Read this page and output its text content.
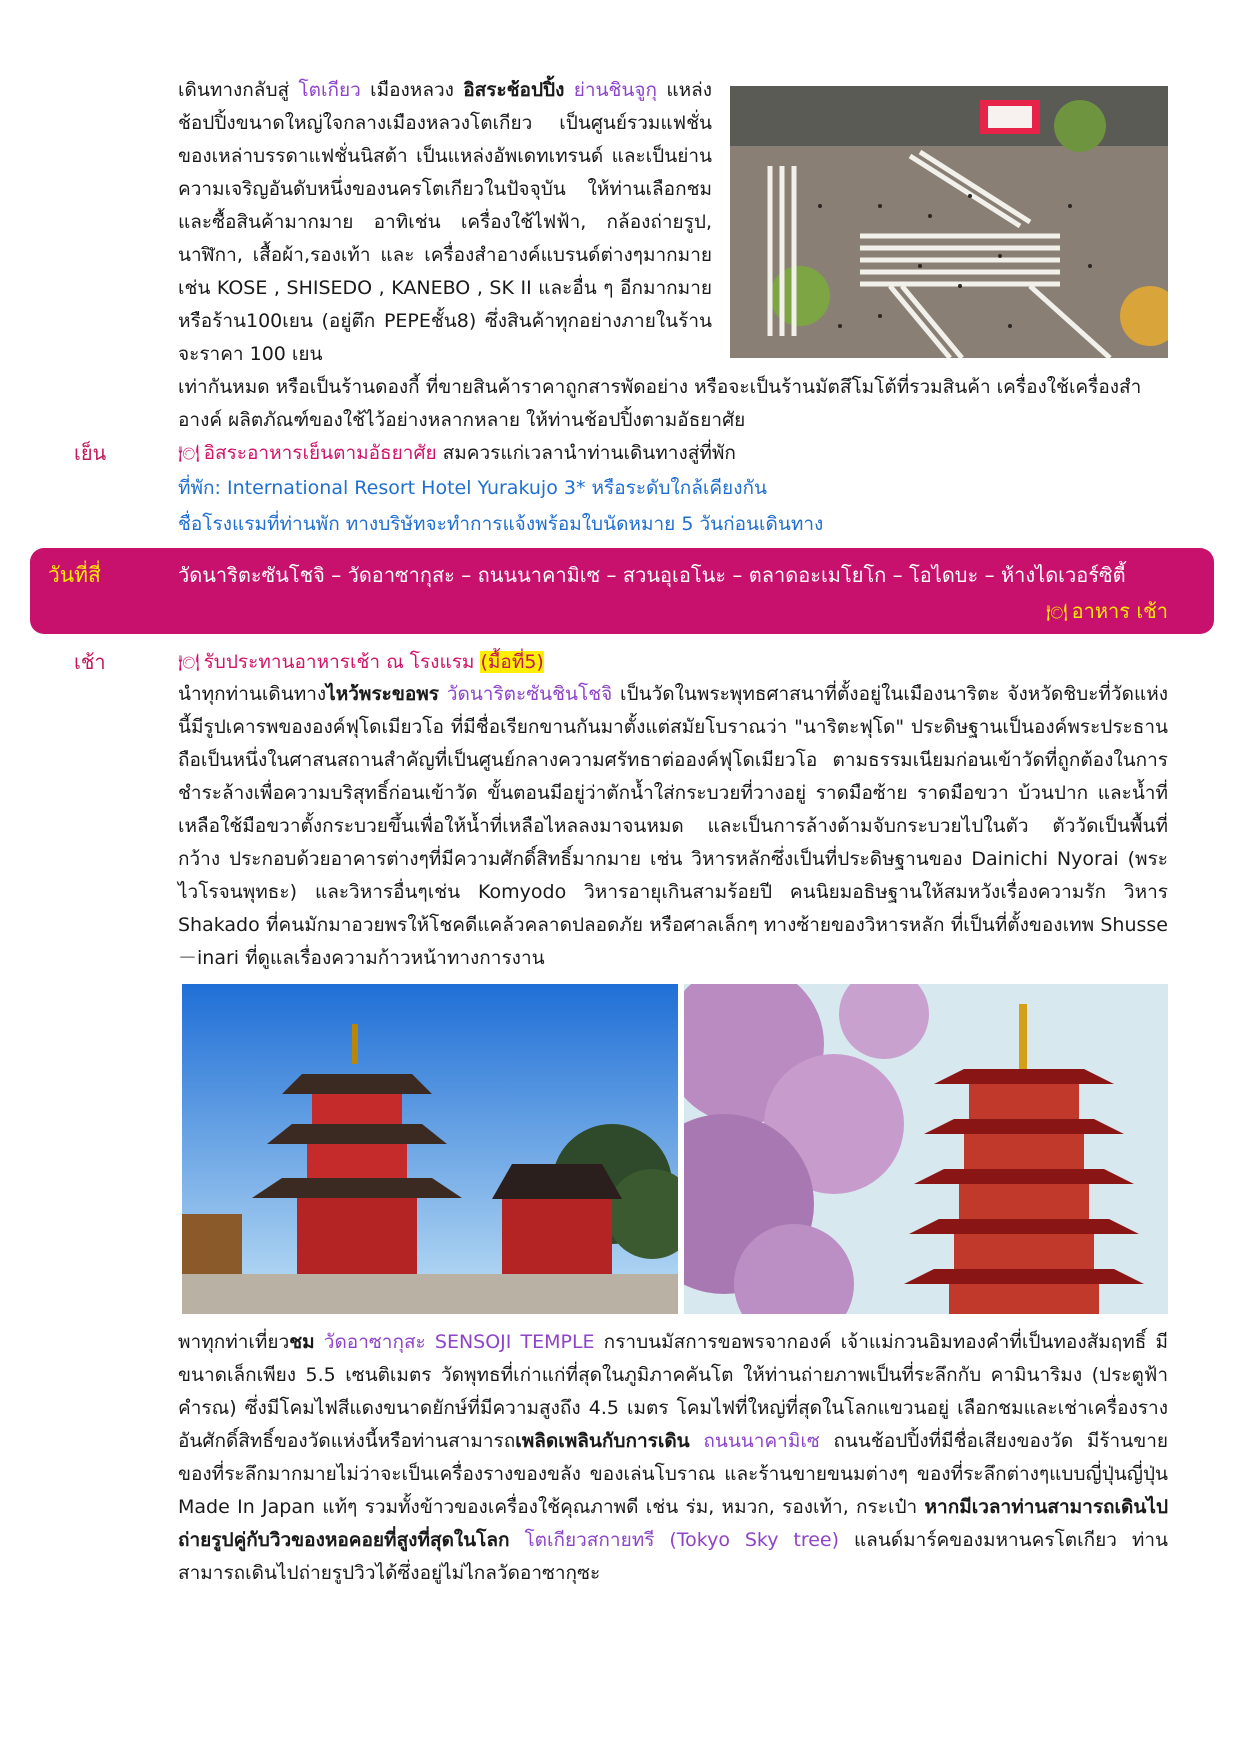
เดินทางกลับสู่ โตเกียว เมืองหลวง อิสระช้อปปิ้ง ย่านชินจูกุ แหล่งช้อปปิ้งขนาดใหญ่ใจกลางเมืองหลวงโตเกียว เป็นศูนย์รวมแฟชั่น ของเหล่าบรรดาแฟชั่นนิสต้า เป็นแหล่งอัพเดทเทรนด์ และเป็นย่านความเจริญอันดับหนึ่งของนครโตเกียวในปัจจุบัน ให้ท่านเลือกชมและซื้อสินค้ามากมาย อาทิเช่น เครื่องใช้ไฟฟ้า, กล้องถ่ายรูป, นาฬิกา, เสื้อผ้า,รองเท้า และ เครื่องสำอางค์แบรนด์ต่างๆมากมายเช่น KOSE , SHISEDO , KANEBO , SK II และอื่น ๆ อีกมากมาย หรือร้าน100เยน (อยู่ตึก PEPEชั้น8) ซึ่งสินค้าทุกอย่างภายในร้านจะราคา 100 เยน
เท่ากันหมด หรือเป็นร้านดองกี้ ที่ขายสินค้าราคาถูกสารพัดอย่าง หรือจะเป็นร้านมัตสึโมโต้ที่รวมสินค้า เครื่องใช้เครื่องสำอางค์ ผลิตภัณฑ์ของใช้ไว้อย่างหลากหลาย ให้ท่านช้อปปิ้งตามอัธยาศัย
เย็น	🍽 อิสระอาหารเย็นตามอัธยาศัย สมควรแก่เวลานำท่านเดินทางสู่ที่พัก
ที่พัก: International Resort Hotel Yurakujo 3* หรือระดับใกล้เคียงกัน
ชื่อโรงแรมที่ท่านพัก ทางบริษัทจะทำการแจ้งพร้อมใบนัดหมาย 5 วันก่อนเดินทาง
วันที่สี่	วัดนาริตะซันโชจิ – วัดอาซากุสะ – ถนนนาคามิเซ – สวนอุเอโนะ – ตลาดอะเมโยโก – โอไดบะ – ห้างไดเวอร์ซิตี้
🍽 อาหาร เช้า
เช้า	🍽 รับประทานอาหารเช้า ณ โรงแรม (มื้อที่5)
นำทุกท่านเดินทางไหว้พระขอพร วัดนาริตะซันชินโชจิ เป็นวัดในพระพุทธศาสนาที่ตั้งอยู่ในเมืองนาริตะ จังหวัดชิบะที่วัดแห่งนี้มีรูปเคารพขององค์ฟุโดเมียวโอ ที่มีชื่อเรียกขานกันมาตั้งแต่สมัยโบราณว่า "นาริตะฟุโด" ประดิษฐานเป็นองค์พระประธาน ถือเป็นหนึ่งในศาสนสถานสำคัญที่เป็นศูนย์กลางความศรัทธาต่อองค์ฟุโดเมียวโอ ตามธรรมเนียมก่อนเข้าวัดที่ถูกต้องในการชำระล้างเพื่อความบริสุทธิ์ก่อนเข้าวัด ขั้นตอนมีอยู่ว่าตักน้ำใส่กระบวยที่วางอยู่ ราดมือซ้าย ราดมือขวา บ้วนปาก และน้ำที่เหลือใช้มือขวาตั้งกระบวยขึ้นเพื่อให้น้ำที่เหลือไหลลงมาจนหมด และเป็นการล้างด้ามจับกระบวยไปในตัว ตัววัดเป็นพื้นที่กว้าง ประกอบด้วยอาคารต่างๆที่มีความศักดิ์สิทธิ์มากมาย เช่น วิหารหลักซึ่งเป็นที่ประดิษฐานของ Dainichi Nyorai (พระไวโรจนพุทธะ) และวิหารอื่นๆเช่น Komyodo วิหารอายุเกินสามร้อยปี คนนิยมอธิษฐานให้สมหวังเรื่องความรัก วิหาร Shakado ที่คนมักมาอวยพรให้โชคดีแคล้วคลาดปลอดภัย หรือศาลเล็กๆ ทางซ้ายของวิหารหลัก ที่เป็นที่ตั้งของเทพ Shusse－inari ที่ดูแลเรื่องความก้าวหน้าทางการงาน
พาทุกท่าเที่ยวชม วัดอาซากุสะ SENSOJI TEMPLE กราบนมัสการขอพรจากองค์ เจ้าแม่กวนอิมทองคำที่เป็นทองสัมฤทธิ์ มีขนาดเล็กเพียง 5.5 เซนติเมตร วัดพุทธที่เก่าแก่ที่สุดในภูมิภาคคันโต ให้ท่านถ่ายภาพเป็นที่ระลึกกับ คามินาริมง (ประตูฟ้าคำรณ) ซึ่งมีโคมไฟสีแดงขนาดยักษ์ที่มีความสูงถึง 4.5 เมตร โคมไฟที่ใหญ่ที่สุดในโลกแขวนอยู่ เลือกชมและเช่าเครื่องรางอันศักดิ์สิทธิ์ของวัดแห่งนี้หรือท่านสามารถเพลิดเพลินกับการเดิน ถนนนาคามิเซ ถนนช้อปปิ้งที่มีชื่อเสียงของวัด มีร้านขายของที่ระลึกมากมายไม่ว่าจะเป็นเครื่องรางของขลัง ของเล่นโบราณ และร้านขายขนมต่างๆ ของที่ระลึกต่างๆแบบญี่ปุ่นญี่ปุ่น Made In Japan แท้ๆ รวมทั้งข้าวของเครื่องใช้คุณภาพดี เช่น ร่ม, หมวก, รองเท้า, กระเป๋า หากมีเวลาท่านสามารถเดินไปถ่ายรูปคู่กับวิวของหอคอยที่สูงที่สุดในโลก โตเกียวสกายทรี (Tokyo Sky tree) แลนด์มาร์คของมหานครโตเกียว ท่านสามารถเดินไปถ่ายรูปวิวได้ซึ่งอยู่ไม่ไกลวัดอาซากุซะ
